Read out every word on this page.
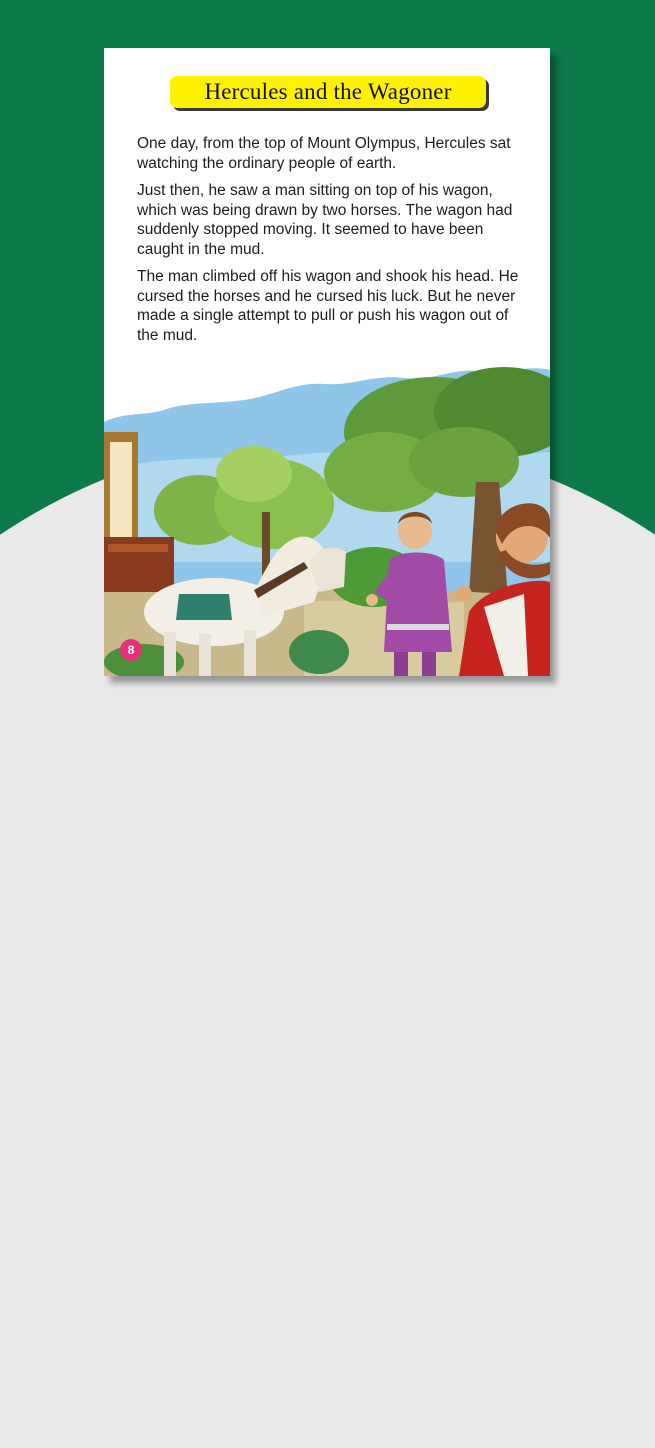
Hercules and the Wagoner

One day, from the top of Mount Olympus, Hercules sat watching the ordinary people of earth.

Just then, he saw a man sitting on top of his wagon, which was being drawn by two horses. The wagon had suddenly stopped moving. It seemed to have been caught in the mud.

The man climbed off his wagon and shook his head. He cursed the horses and he cursed his luck. But he never made a single attempt to pull or push his wagon out of the mud.

8
